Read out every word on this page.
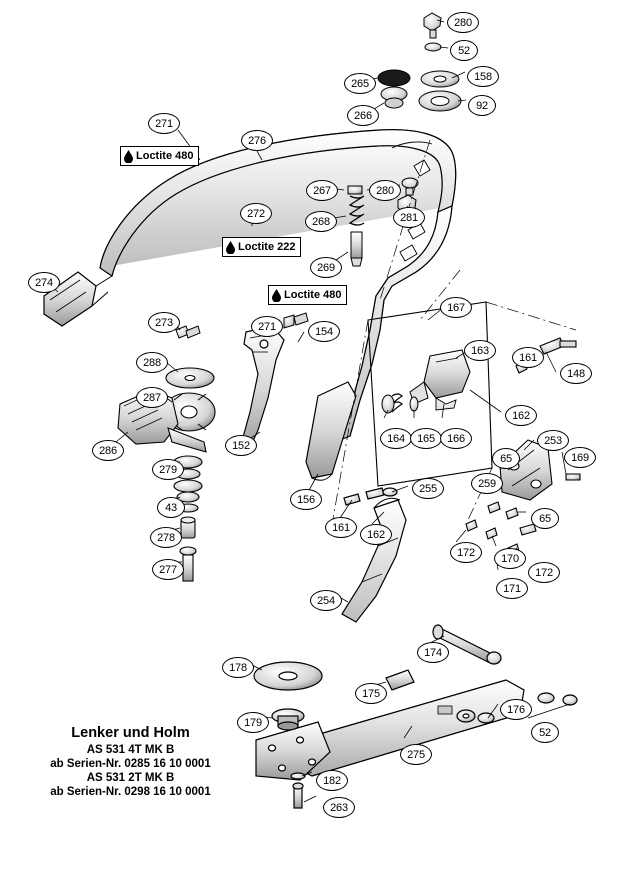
Loctite 480
Loctite 222
Loctite 480
280
52
265
158
266
92
271
276
267	280
272
268	281
269
274
167
273	271	154
163
161
288
148
287
162
164 165 166	253
286	152
65	169
279
259
255
43
156
65
278
161
162
172 170
172
277
171
254
174
178
175
176
179
52
275
182
263
Lenker und Holm
AS 531 4T MK B
ab Serien-Nr. 0285 16 10 0001
AS 531 2T MK B
ab Serien-Nr. 0298 16 10 0001
